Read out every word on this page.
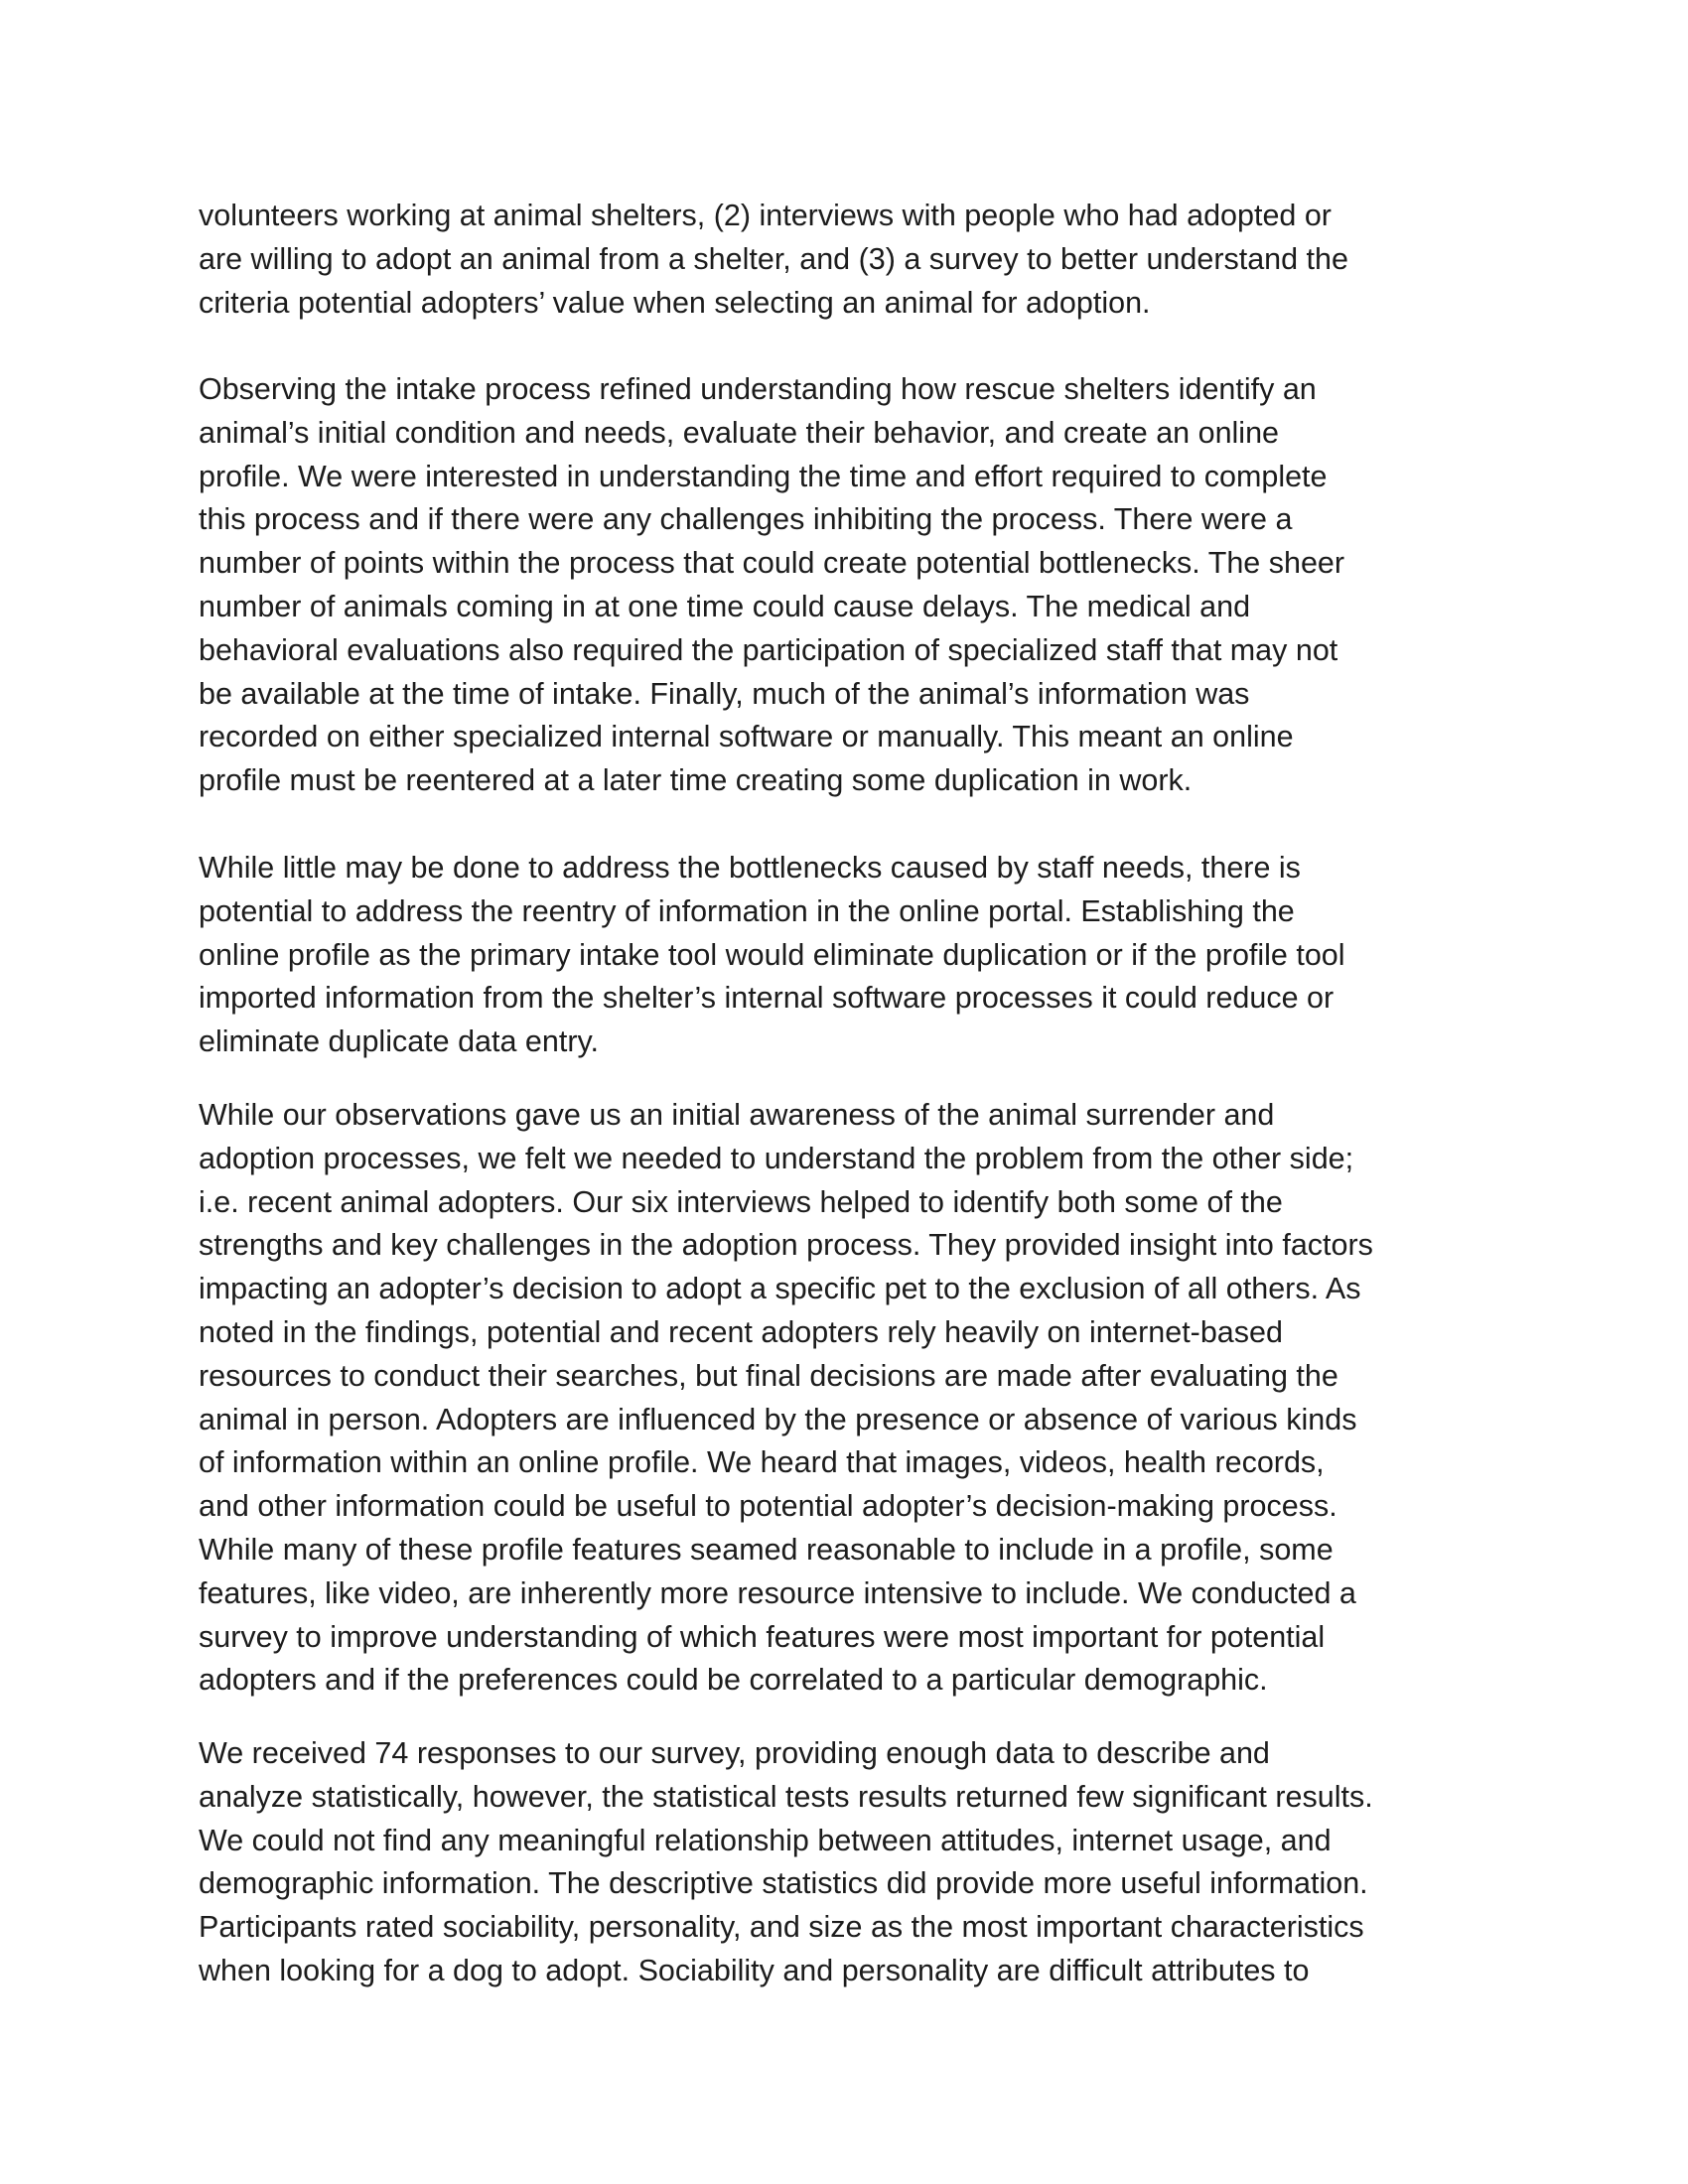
volunteers working at animal shelters, (2) interviews with people who had adopted or
are willing to adopt an animal from a shelter, and (3) a survey to better understand the
criteria potential adopters’ value when selecting an animal for adoption.

Observing the intake process refined understanding how rescue shelters identify an
animal’s initial condition and needs, evaluate their behavior, and create an online
profile. We were interested in understanding the time and effort required to complete
this process and if there were any challenges inhibiting the process. There were a
number of points within the process that could create potential bottlenecks. The sheer
number of animals coming in at one time could cause delays. The medical and
behavioral evaluations also required the participation of specialized staff that may not
be available at the time of intake. Finally, much of the animal’s information was
recorded on either specialized internal software or manually. This meant an online
profile must be reentered at a later time creating some duplication in work.

While little may be done to address the bottlenecks caused by staff needs, there is
potential to address the reentry of information in the online portal. Establishing the
online profile as the primary intake tool would eliminate duplication or if the profile tool
imported information from the shelter’s internal software processes it could reduce or
eliminate duplicate data entry.

While our observations gave us an initial awareness of the animal surrender and
adoption processes, we felt we needed to understand the problem from the other side;
i.e. recent animal adopters. Our six interviews helped to identify both some of the
strengths and key challenges in the adoption process. They provided insight into factors
impacting an adopter’s decision to adopt a specific pet to the exclusion of all others. As
noted in the findings, potential and recent adopters rely heavily on internet-based
resources to conduct their searches, but final decisions are made after evaluating the
animal in person. Adopters are influenced by the presence or absence of various kinds
of information within an online profile. We heard that images, videos, health records,
and other information could be useful to potential adopter’s decision-making process.
While many of these profile features seamed reasonable to include in a profile, some
features, like video, are inherently more resource intensive to include. We conducted a
survey to improve understanding of which features were most important for potential
adopters and if the preferences could be correlated to a particular demographic.

We received 74 responses to our survey, providing enough data to describe and
analyze statistically, however, the statistical tests results returned few significant results.
We could not find any meaningful relationship between attitudes, internet usage, and
demographic information. The descriptive statistics did provide more useful information.
Participants rated sociability, personality, and size as the most important characteristics
when looking for a dog to adopt. Sociability and personality are difficult attributes to
